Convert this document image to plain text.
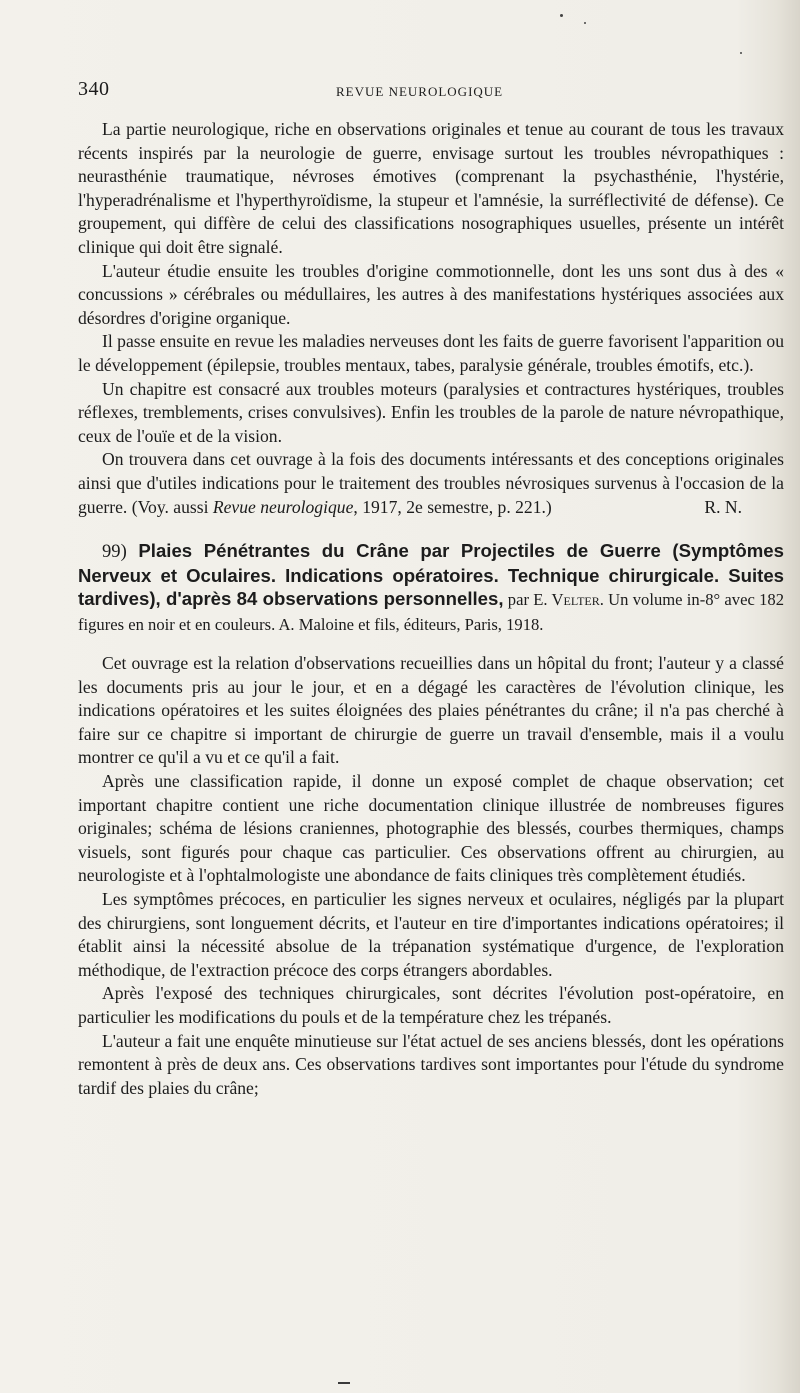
340	REVUE NEUROLOGIQUE

La partie neurologique, riche en observations originales et tenue au courant de tous les travaux récents inspirés par la neurologie de guerre, envisage surtout les troubles névropathiques : neurasthénie traumatique, névroses émotives (comprenant la psychasthénie, l'hystérie, l'hyperadrénalisme et l'hyperthyroïdisme, la stupeur et l'amnésie, la surréflectivité de défense). Ce groupement, qui diffère de celui des classifications nosographiques usuelles, présente un intérêt clinique qui doit être signalé.

L'auteur étudie ensuite les troubles d'origine commotionnelle, dont les uns sont dus à des « concussions » cérébrales ou médullaires, les autres à des manifestations hystériques associées aux désordres d'origine organique.

Il passe ensuite en revue les maladies nerveuses dont les faits de guerre favorisent l'apparition ou le développement (épilepsie, troubles mentaux, tabes, paralysie générale, troubles émotifs, etc.).

Un chapitre est consacré aux troubles moteurs (paralysies et contractures hystériques, troubles réflexes, tremblements, crises convulsives). Enfin les troubles de la parole de nature névropathique, ceux de l'ouïe et de la vision.

On trouvera dans cet ouvrage à la fois des documents intéressants et des conceptions originales ainsi que d'utiles indications pour le traitement des troubles névrosiques survenus à l'occasion de la guerre. (Voy. aussi Revue neurologique, 1917, 2e semestre, p. 221.)	R. N.

99) Plaies Pénétrantes du Crâne par Projectiles de Guerre (Symptômes Nerveux et Oculaires. Indications opératoires. Technique chirurgicale. Suites tardives), d'après 84 observations personnelles, par E. Velter. Un volume in-8° avec 182 figures en noir et en couleurs. A. Maloine et fils, éditeurs, Paris, 1918.

Cet ouvrage est la relation d'observations recueillies dans un hôpital du front; l'auteur y a classé les documents pris au jour le jour, et en a dégagé les caractères de l'évolution clinique, les indications opératoires et les suites éloignées des plaies pénétrantes du crâne; il n'a pas cherché à faire sur ce chapitre si important de chirurgie de guerre un travail d'ensemble, mais il a voulu montrer ce qu'il a vu et ce qu'il a fait.

Après une classification rapide, il donne un exposé complet de chaque observation; cet important chapitre contient une riche documentation clinique illustrée de nombreuses figures originales; schéma de lésions craniennes, photographie des blessés, courbes thermiques, champs visuels, sont figurés pour chaque cas particulier. Ces observations offrent au chirurgien, au neurologiste et à l'ophtalmologiste une abondance de faits cliniques très complètement étudiés.

Les symptômes précoces, en particulier les signes nerveux et oculaires, négligés par la plupart des chirurgiens, sont longuement décrits, et l'auteur en tire d'importantes indications opératoires; il établit ainsi la nécessité absolue de la trépanation systématique d'urgence, de l'exploration méthodique, de l'extraction précoce des corps étrangers abordables.

Après l'exposé des techniques chirurgicales, sont décrites l'évolution post-opératoire, en particulier les modifications du pouls et de la température chez les trépanés.

L'auteur a fait une enquête minutieuse sur l'état actuel de ses anciens blessés, dont les opérations remontent à près de deux ans. Ces observations tardives sont importantes pour l'étude du syndrome tardif des plaies du crâne;
